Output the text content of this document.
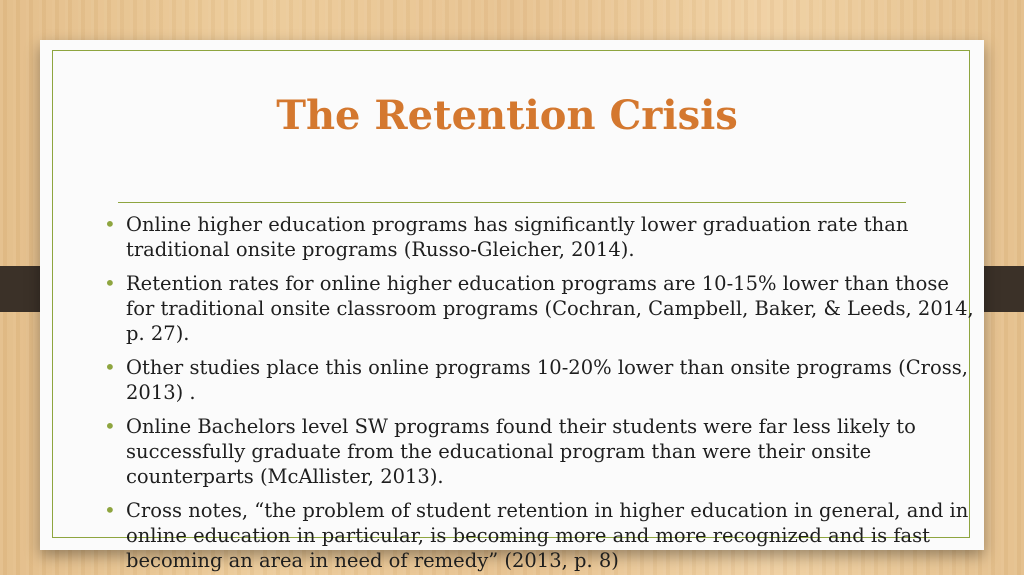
The Retention Crisis
• Online higher education programs has significantly lower graduation rate than traditional onsite programs (Russo-Gleicher, 2014).
• Retention rates for online higher education programs are 10-15% lower than those for traditional onsite classroom programs (Cochran, Campbell, Baker, & Leeds, 2014, p. 27).
• Other studies place this online programs 10-20% lower than onsite programs (Cross, 2013) .
• Online Bachelors level SW programs found their students were far less likely to successfully graduate from the educational program than were their onsite counterparts (McAllister, 2013).
• Cross notes, “the problem of student retention in higher education in general, and in online education in particular, is becoming more and more recognized and is fast becoming an area in need of remedy” (2013, p. 8)
